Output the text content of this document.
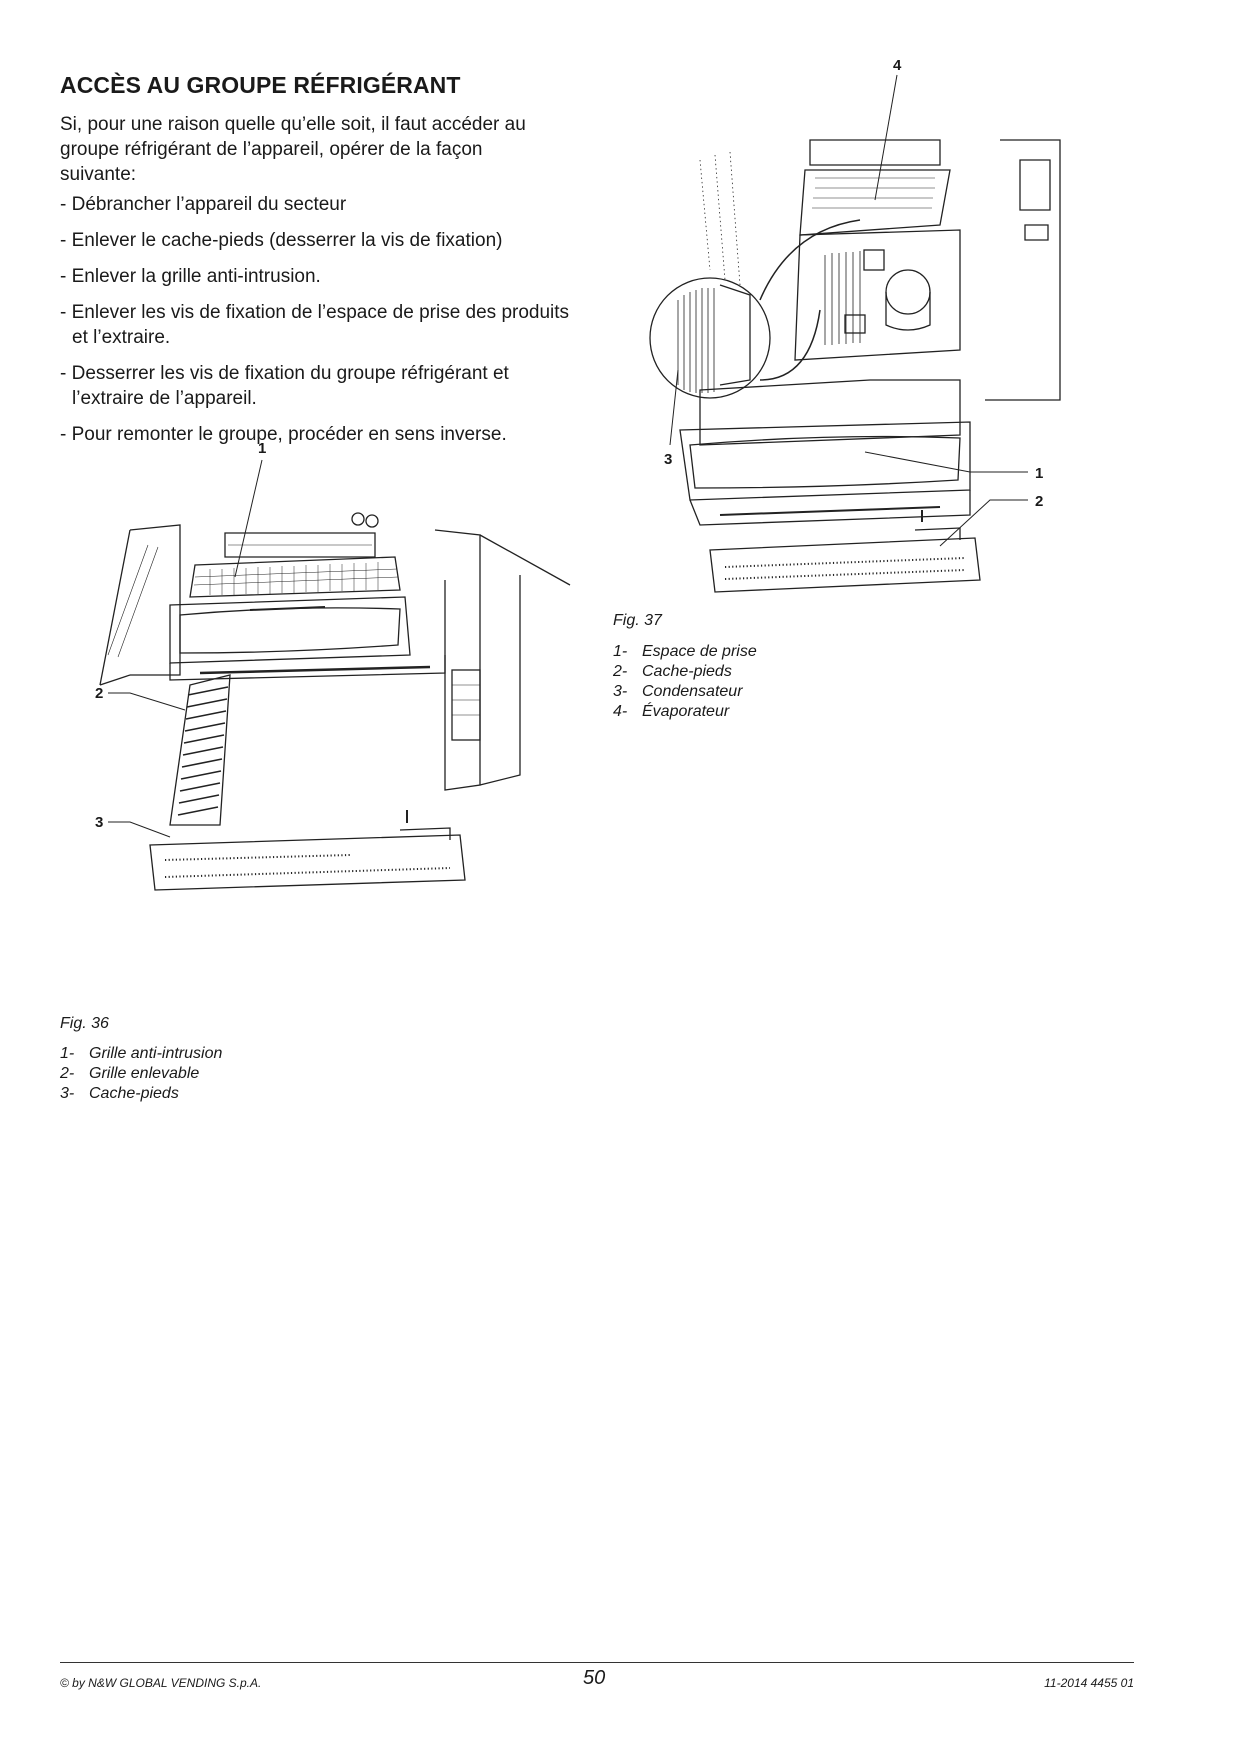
ACCÈS AU GROUPE RÉFRIGÉRANT

Si, pour une raison quelle qu’elle soit, il faut accéder au groupe réfrigérant de l’appareil, opérer de la façon suivante:

- Débrancher l’appareil du secteur
- Enlever le cache-pieds (desserrer la vis de fixation)
- Enlever la grille anti-intrusion.
- Enlever les vis de fixation de l’espace de prise des produits et l’extraire.
- Desserrer les vis de fixation du groupe réfrigérant et l’extraire de l’appareil.
- Pour remonter le groupe, procéder en sens inverse.
1
2
3
Fig. 36
1- Grille anti-intrusion
2- Grille enlevable
3- Cache-pieds
4
1
2
3
Fig. 37
1- Espace de prise
2- Cache-pieds
3- Condensateur
4- Évaporateur
© by N&W GLOBAL VENDING S.p.A.	50	11-2014 4455 01
